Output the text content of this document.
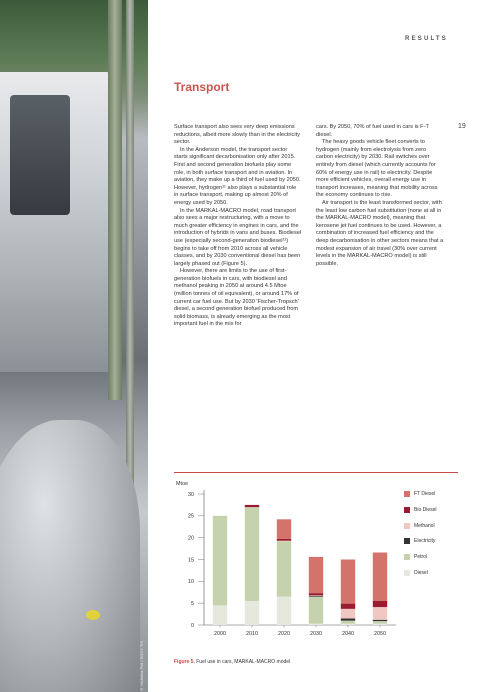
© Nicholas Pell / SONY TIS
RESULTS
19
Transport

Surface transport also sees very deep emissions reductions, albeit more slowly than in the electricity sector.

In the Anderson model, the transport sector starts significant decarbonisation only after 2015. First and second generation biofuels play some role, in both surface transport and in aviation. In aviation, they make up a third of fuel used by 2050. However, hydrogen¹¹ also plays a substantial role in surface transport, making up almost 20% of energy used by 2050.

In the MARKAL-MACRO model, road transport also sees a major restructuring, with a move to much greater efficiency in engines in cars, and the introduction of hybrids in vans and buses. Biodiesel use (especially second-generation biodiesel¹²) begins to take off from 2010 across all vehicle classes, and by 2030 conventional diesel has been largely phased out (Figure 5).

However, there are limits to the use of first-generation biofuels in cars, with biodiesel and methanol peaking in 2050 at around 4.5 Mtoe (million tonnes of oil equivalent), or around 17% of current car fuel use. But by 2030 'Fischer-Tropsch' diesel, a second generation biofuel produced from solid biomass, is already emerging as the most important fuel in the mix for

cars. By 2050, 70% of fuel used in cars is F-T diesel.

The heavy goods vehicle fleet converts to hydrogen (mainly from electrolysis from zero carbon electricity) by 2030. Rail switches over entirely from diesel (which currently accounts for 60% of energy use in rail) to electricity. Despite more efficient vehicles, overall energy use in transport increases, meaning that mobility across the economy continues to rise.

Air transport is the least transformed sector, with the least low carbon fuel substitution (none at all in the MARKAL-MACRO model), meaning that kerosene jet fuel continues to be used. However, a combination of increased fuel efficiency and the deep decarbonisation in other sectors means that a modest expansion of air travel (30% over current levels in the MARKAL-MACRO model) is still possible.

Mtoe
0
5
10
15
20
25
30
2000	2010	2020	2030	2040	2050
FT Diesel
Bio Diesel
Methanol
Electricity
Petrol
Diesel
Figure 5. Fuel use in cars, MARKAL-MACRO model
